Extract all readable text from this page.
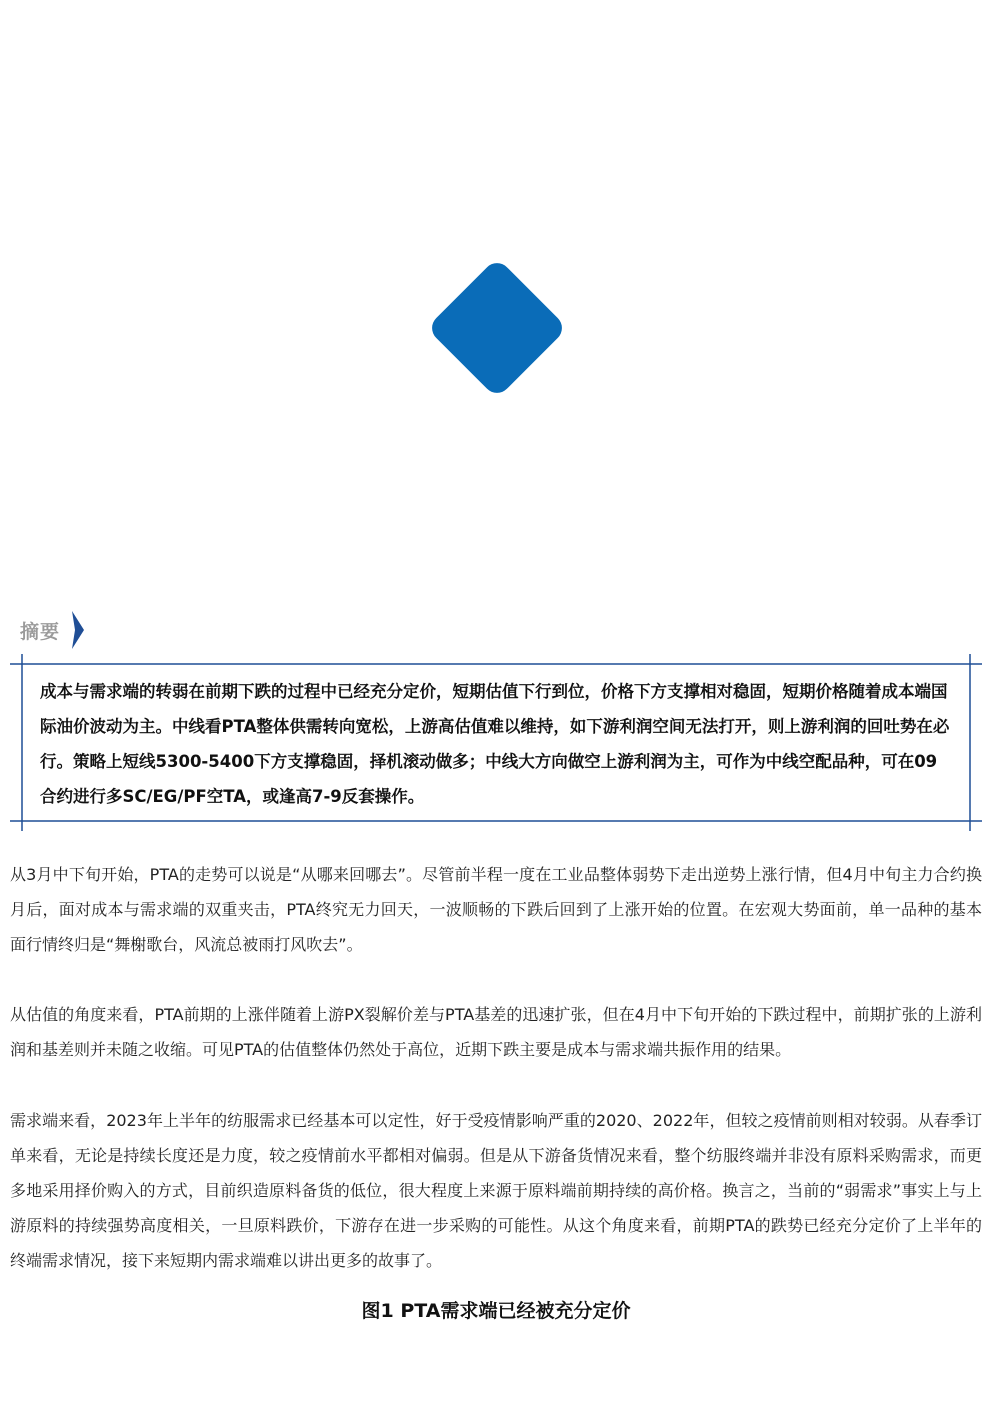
摘要
成本与需求端的转弱在前期下跌的过程中已经充分定价，短期估值下行到位，价格下方支撑相对稳固，短期价格随着成本端国际油价波动为主。中线看PTA整体供需转向宽松，上游高估值难以维持，如下游利润空间无法打开，则上游利润的回吐势在必行。策略上短线5300-5400下方支撑稳固，择机滚动做多；中线大方向做空上游利润为主，可作为中线空配品种，可在09合约进行多SC/EG/PF空TA，或逢高7-9反套操作。

从3月中下旬开始，PTA的走势可以说是“从哪来回哪去”。尽管前半程一度在工业品整体弱势下走出逆势上涨行情，但4月中旬主力合约换月后，面对成本与需求端的双重夹击，PTA终究无力回天，一波顺畅的下跌后回到了上涨开始的位置。在宏观大势面前，单一品种的基本面行情终归是“舞榭歌台，风流总被雨打风吹去”。

从估值的角度来看，PTA前期的上涨伴随着上游PX裂解价差与PTA基差的迅速扩张，但在4月中下旬开始的下跌过程中，前期扩张的上游利润和基差则并未随之收缩。可见PTA的估值整体仍然处于高位，近期下跌主要是成本与需求端共振作用的结果。

需求端来看，2023年上半年的纺服需求已经基本可以定性，好于受疫情影响严重的2020、2022年，但较之疫情前则相对较弱。从春季订单来看，无论是持续长度还是力度，较之疫情前水平都相对偏弱。但是从下游备货情况来看，整个纺服终端并非没有原料采购需求，而更多地采用择价购入的方式，目前织造原料备货的低位，很大程度上来源于原料端前期持续的高价格。换言之，当前的“弱需求”事实上与上游原料的持续强势高度相关，一旦原料跌价，下游存在进一步采购的可能性。从这个角度来看，前期PTA的跌势已经充分定价了上半年的终端需求情况，接下来短期内需求端难以讲出更多的故事了。

图1 PTA需求端已经被充分定价
